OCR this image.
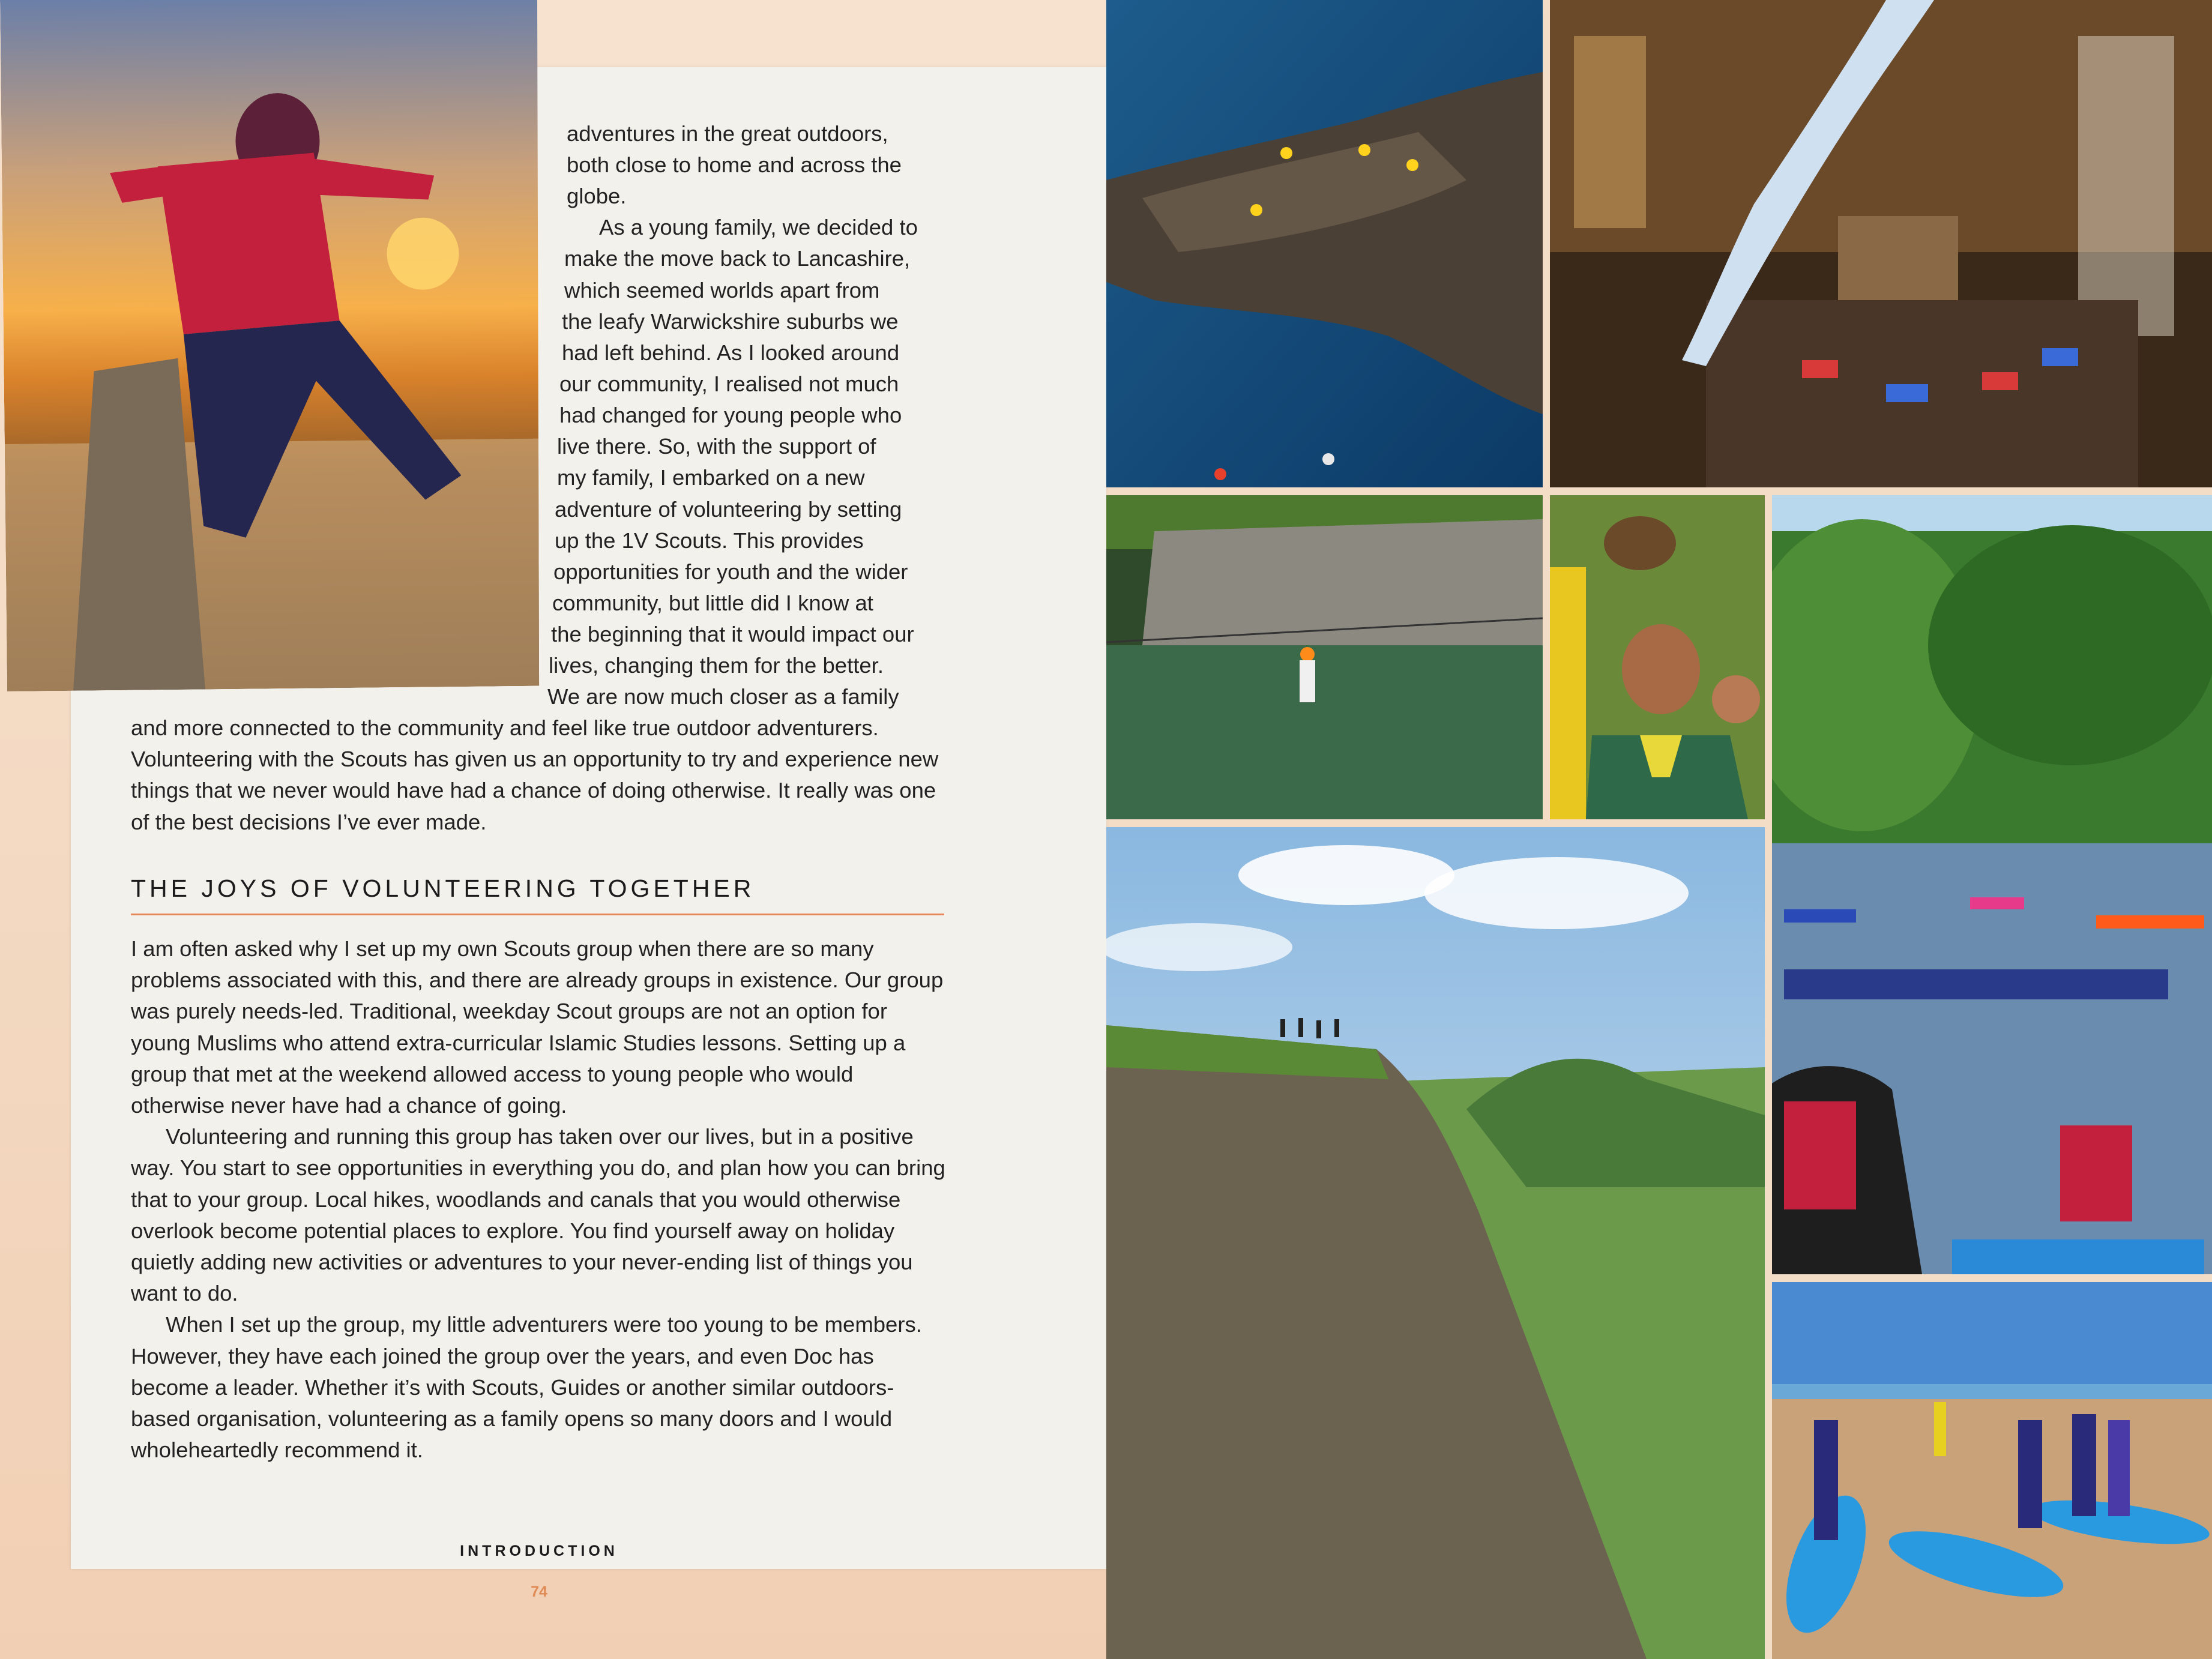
adventures in the great outdoors,

both close to home and across the

globe.

As a young family, we decided to

make the move back to Lancashire,

which seemed worlds apart from

the leafy Warwickshire suburbs we

had left behind. As I looked around

our community, I realised not much

had changed for young people who

live there. So, with the support of

my family, I embarked on a new

adventure of volunteering by setting

up the 1V Scouts. This provides

opportunities for youth and the wider

community, but little did I know at

the beginning that it would impact our

lives, changing them for the better.

We are now much closer as a family

and more connected to the community and feel like true outdoor adventurers. Volunteering with the Scouts has given us an opportunity to try and experience new things that we never would have had a chance of doing otherwise. It really was one of the best decisions I’ve ever made.

THE JOYS OF VOLUNTEERING TOGETHER

I am often asked why I set up my own Scouts group when there are so many problems associated with this, and there are already groups in existence. Our group was purely needs-led. Traditional, weekday Scout groups are not an option for young Muslims who attend extra-curricular Islamic Studies lessons. Setting up a group that met at the weekend allowed access to young people who would otherwise never have had a chance of going.

Volunteering and running this group has taken over our lives, but in a positive way. You start to see opportunities in everything you do, and plan how you can bring that to your group. Local hikes, woodlands and canals that you would otherwise overlook become potential places to explore. You find yourself away on holiday quietly adding new activities or adventures to your never-ending list of things you want to do.

When I set up the group, my little adventurers were too young to be members. However, they have each joined the group over the years, and even Doc has become a leader. Whether it’s with Scouts, Guides or another similar outdoors-based organisation, volunteering as a family opens so many doors and I would wholeheartedly recommend it.

INTRODUCTION
74
